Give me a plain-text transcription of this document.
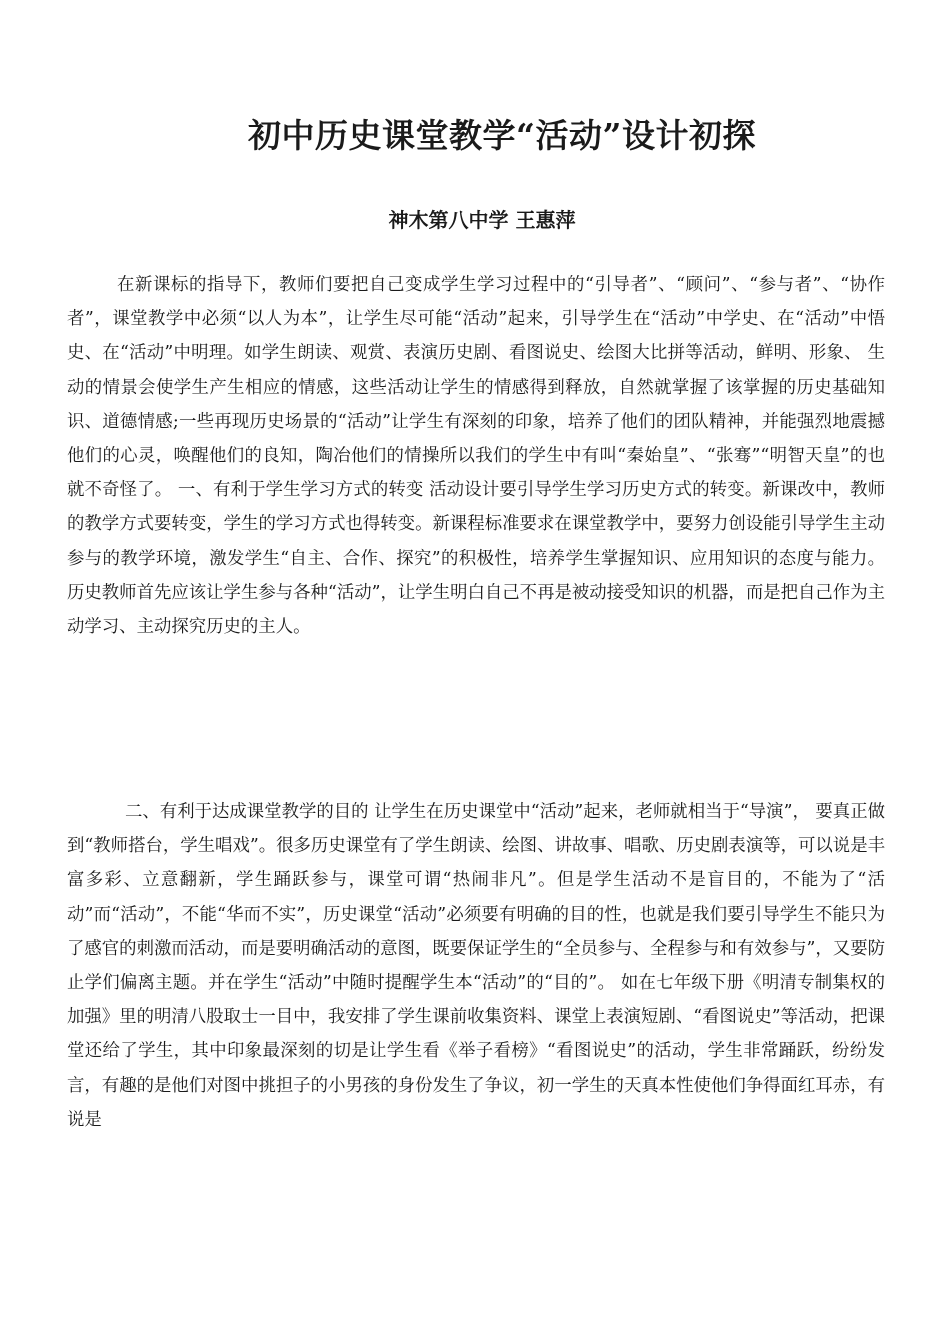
初中历史课堂教学“活动”设计初探
神木第八中学 王惠萍
在新课标的指导下，教师们要把自己变成学生学习过程中的“引导者”、“顾问”、“参与者”、“协作者”，课堂教学中必须“以人为本”，让学生尽可能“活动”起来，引导学生在“活动”中学史、在“活动”中悟史、在“活动”中明理。如学生朗读、观赏、表演历史剧、看图说史、绘图大比拼等活动，鲜明、形象、 生动的情景会使学生产生相应的情感，这些活动让学生的情感得到释放，自然就掌握了该掌握的历史基础知识、道德情感;一些再现历史场景的“活动”让学生有深刻的印象，培养了他们的团队精神，并能强烈地震撼他们的心灵，唤醒他们的良知，陶冶他们的情操所以我们的学生中有叫“秦始皇”、“张骞”“明智天皇”的也就不奇怪了。 一、有利于学生学习方式的转变 活动设计要引导学生学习历史方式的转变。新课改中，教师的教学方式要转变，学生的学习方式也得转变。新课程标准要求在课堂教学中，要努力创设能引导学生主动参与的教学环境，激发学生“自主、合作、探究”的积极性，培养学生掌握知识、应用知识的态度与能力。 历史教师首先应该让学生参与各种“活动”，让学生明白自己不再是被动接受知识的机器，而是把自己作为主动学习、主动探究历史的主人。
二、有利于达成课堂教学的目的 让学生在历史课堂中“活动”起来，老师就相当于“导演”， 要真正做到“教师搭台，学生唱戏”。很多历史课堂有了学生朗读、绘图、讲故事、唱歌、历史剧表演等，可以说是丰富多彩、立意翻新，学生踊跃参与，课堂可谓“热闹非凡”。但是学生活动不是盲目的，不能为了“活动”而“活动”，不能“华而不实”，历史课堂“活动”必须要有明确的目的性，也就是我们要引导学生不能只为了感官的刺激而活动，而是要明确活动的意图，既要保证学生的“全员参与、全程参与和有效参与”，又要防止学们偏离主题。并在学生“活动”中随时提醒学生本“活动”的“目的”。 如在七年级下册《明清专制集权的加强》里的明清八股取士一目中，我安排了学生课前收集资料、课堂上表演短剧、“看图说史”等活动，把课堂还给了学生，其中印象最深刻的切是让学生看《举子看榜》“看图说史”的活动，学生非常踊跃，纷纷发言，有趣的是他们对图中挑担子的小男孩的身份发生了争议，初一学生的天真本性使他们争得面红耳赤，有说是
